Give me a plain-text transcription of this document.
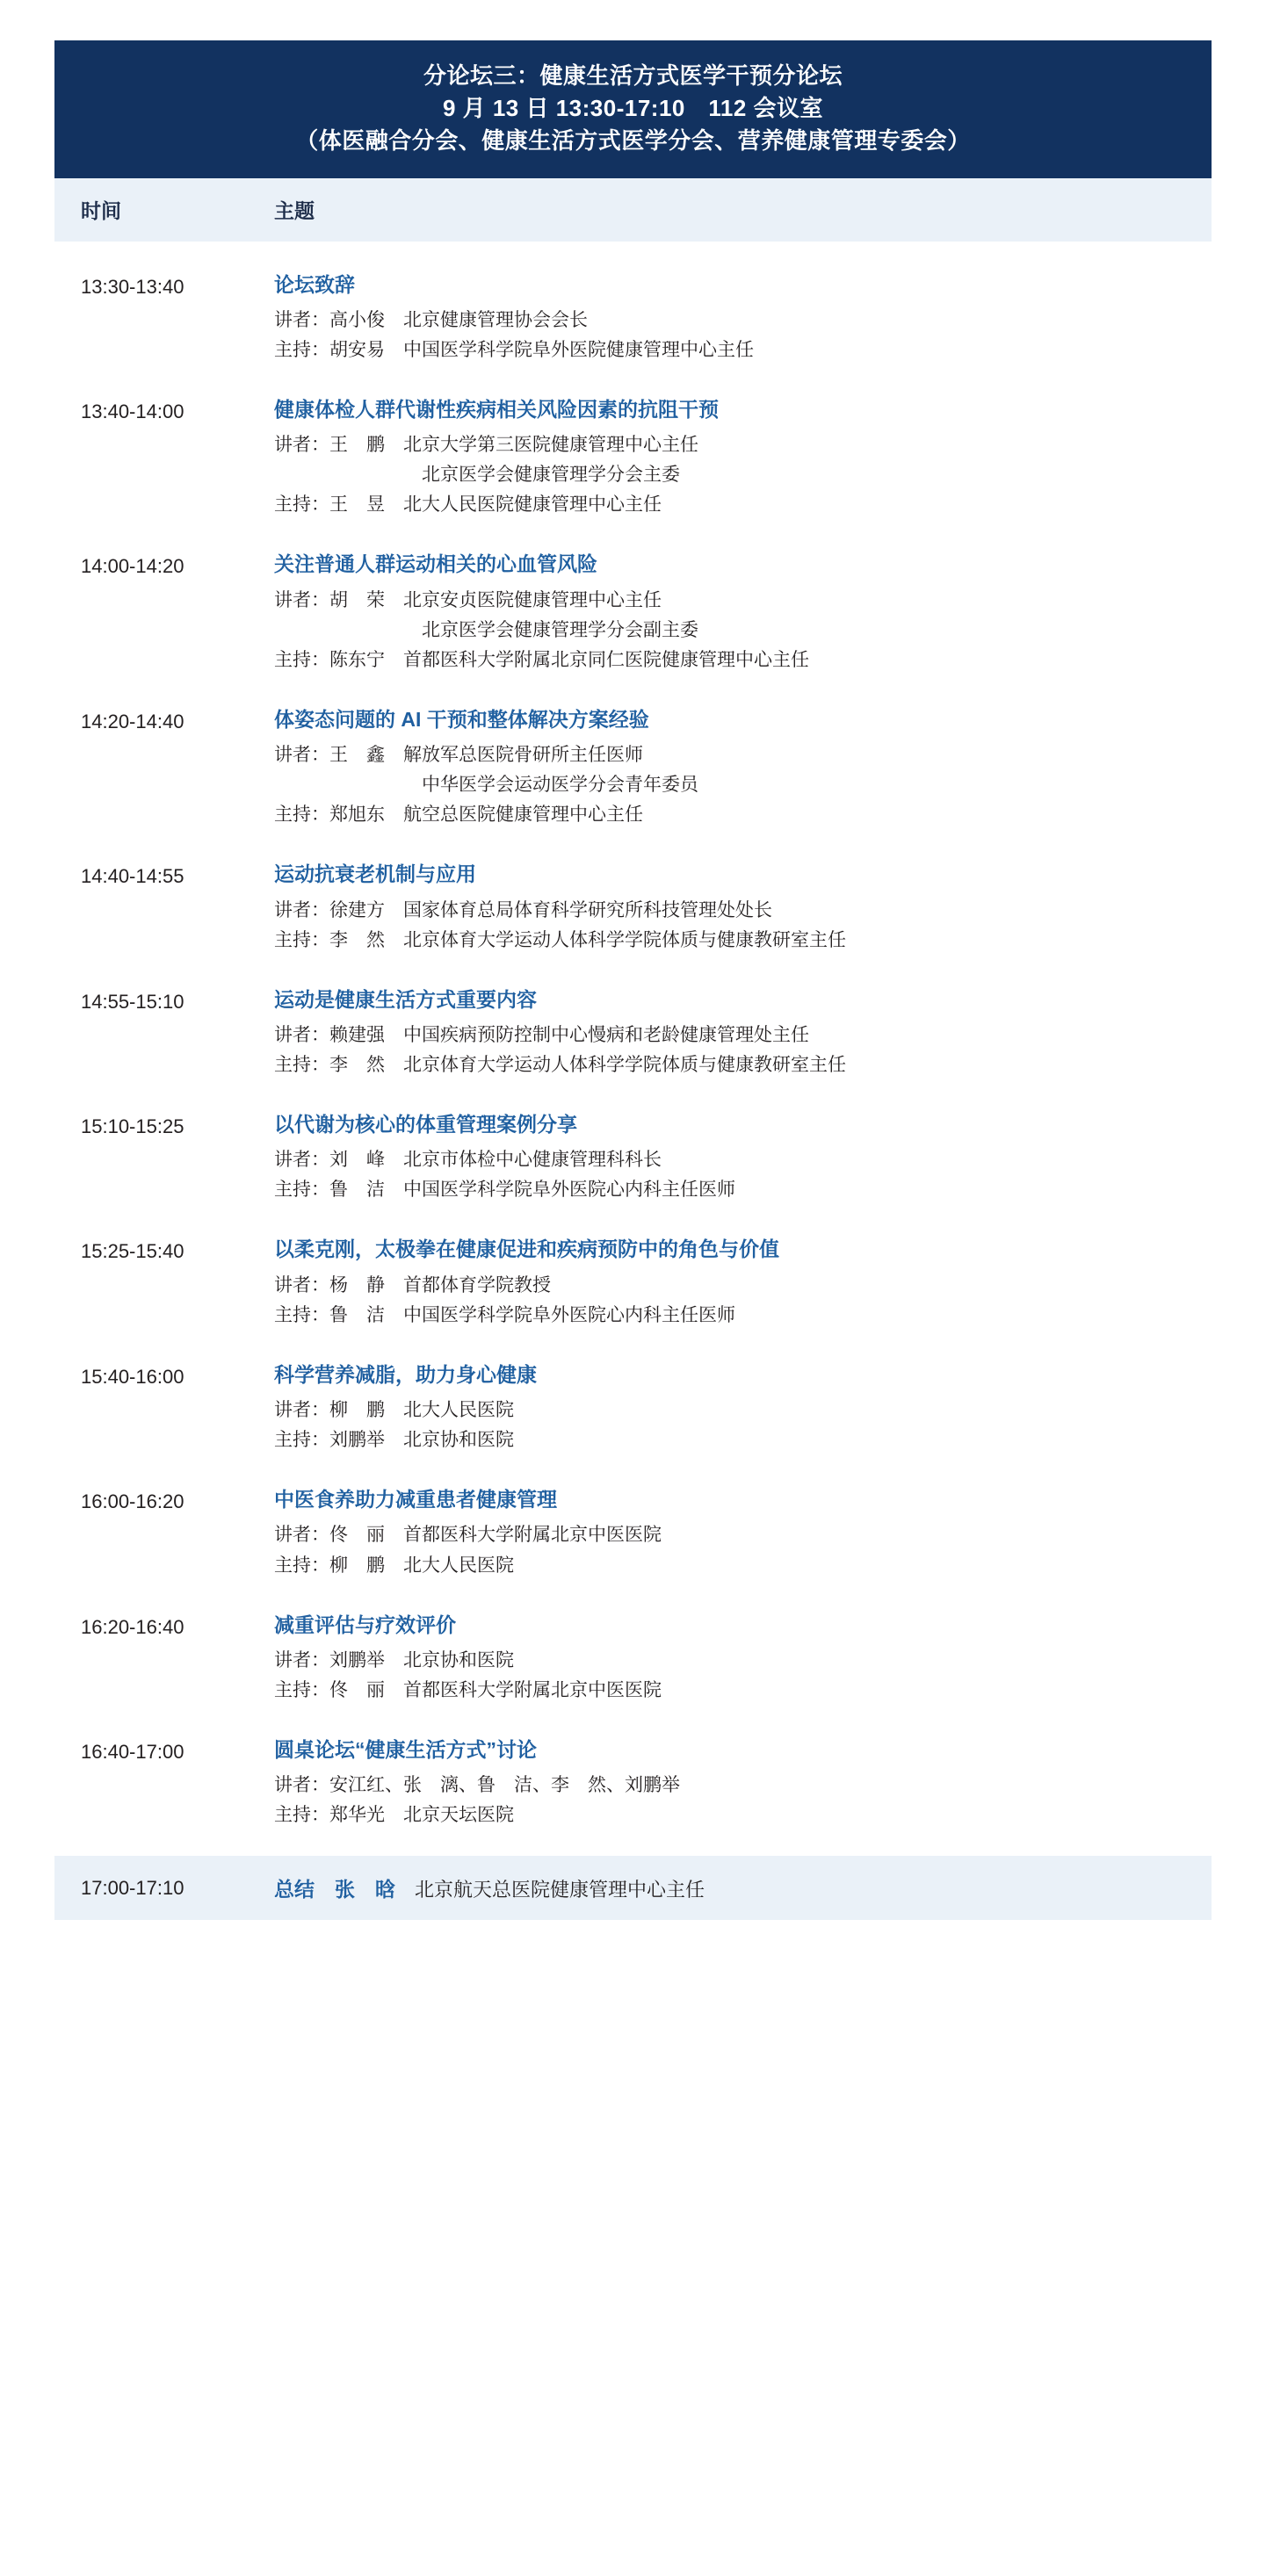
分论坛三：健康生活方式医学干预分论坛
9 月 13 日 13:30-17:10　112 会议室
（体医融合分会、健康生活方式医学分会、营养健康管理专委会）
时间	主题
13:30-13:40	论坛致辞
讲者： 高小俊　北京健康管理协会会长
主持： 胡安易　中国医学科学院阜外医院健康管理中心主任
13:40-14:00	健康体检人群代谢性疾病相关风险因素的抗阻干预
讲者： 王　鹏　北京大学第三医院健康管理中心主任
　　　　　北京医学会健康管理学分会主委
主持： 王　昱　北大人民医院健康管理中心主任
14:00-14:20	关注普通人群运动相关的心血管风险
讲者： 胡　荣　北京安贞医院健康管理中心主任
　　　　　北京医学会健康管理学分会副主委
主持： 陈东宁　首都医科大学附属北京同仁医院健康管理中心主任
14:20-14:40	体姿态问题的 AI 干预和整体解决方案经验
讲者： 王　鑫　解放军总医院骨研所主任医师
　　　　　中华医学会运动医学分会青年委员
主持： 郑旭东　航空总医院健康管理中心主任
14:40-14:55	运动抗衰老机制与应用
讲者： 徐建方　国家体育总局体育科学研究所科技管理处处长
主持： 李　然　北京体育大学运动人体科学学院体质与健康教研室主任
14:55-15:10	运动是健康生活方式重要内容
讲者： 赖建强　中国疾病预防控制中心慢病和老龄健康管理处主任
主持： 李　然　北京体育大学运动人体科学学院体质与健康教研室主任
15:10-15:25	以代谢为核心的体重管理案例分享
讲者： 刘　峰　北京市体检中心健康管理科科长
主持： 鲁　洁　中国医学科学院阜外医院心内科主任医师
15:25-15:40	以柔克刚，太极拳在健康促进和疾病预防中的角色与价值
讲者： 杨　静　首都体育学院教授
主持： 鲁　洁　中国医学科学院阜外医院心内科主任医师
15:40-16:00	科学营养减脂，助力身心健康
讲者： 柳　鹏　北大人民医院
主持： 刘鹏举　北京协和医院
16:00-16:20	中医食养助力减重患者健康管理
讲者： 佟　丽　首都医科大学附属北京中医医院
主持： 柳　鹏　北大人民医院
16:20-16:40	减重评估与疗效评价
讲者： 刘鹏举　北京协和医院
主持： 佟　丽　首都医科大学附属北京中医医院
16:40-17:00	圆桌论坛“健康生活方式”讨论
讲者： 安江红、张　漓、鲁　洁、李　然、刘鹏举
主持： 郑华光　北京天坛医院
17:00-17:10	总结　张　晗　北京航天总医院健康管理中心主任
